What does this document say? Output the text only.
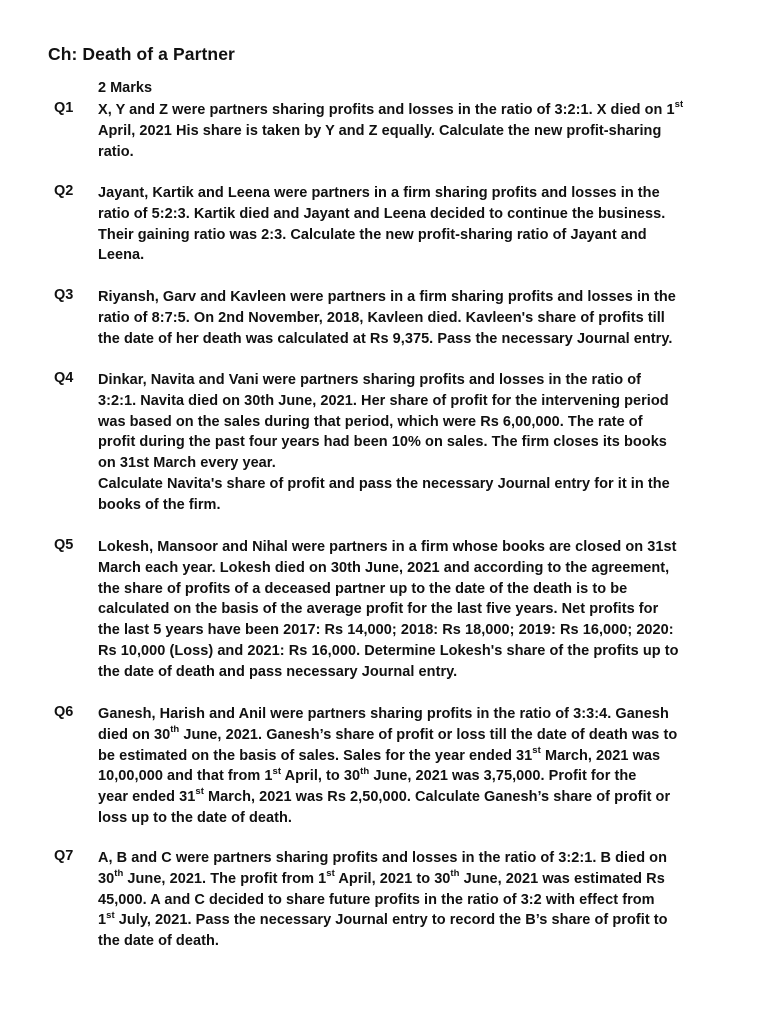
Ch: Death of a Partner
2 Marks
Q1 X, Y and Z were partners sharing profits and losses in the ratio of 3:2:1. X died on 1st
April, 2021 His share is taken by Y and Z equally. Calculate the new profit-sharing
ratio.
Q2 Jayant, Kartik and Leena were partners in a firm sharing profits and losses in the
ratio of 5:2:3. Kartik died and Jayant and Leena decided to continue the business.
Their gaining ratio was 2:3. Calculate the new profit-sharing ratio of Jayant and
Leena.
Q3 Riyansh, Garv and Kavleen were partners in a firm sharing profits and losses in the
ratio of 8:7:5. On 2nd November, 2018, Kavleen died. Kavleen's share of profits till
the date of her death was calculated at Rs 9,375. Pass the necessary Journal entry.
Q4 Dinkar, Navita and Vani were partners sharing profits and losses in the ratio of
3:2:1. Navita died on 30th June, 2021. Her share of profit for the intervening period
was based on the sales during that period, which were Rs 6,00,000. The rate of
profit during the past four years had been 10% on sales. The firm closes its books
on 31st March every year.
Calculate Navita's share of profit and pass the necessary Journal entry for it in the
books of the firm.
Q5 Lokesh, Mansoor and Nihal were partners in a firm whose books are closed on 31st
March each year. Lokesh died on 30th June, 2021 and according to the agreement,
the share of profits of a deceased partner up to the date of the death is to be
calculated on the basis of the average profit for the last five years. Net profits for
the last 5 years have been 2017: Rs 14,000; 2018: Rs 18,000; 2019: Rs 16,000; 2020:
Rs 10,000 (Loss) and 2021: Rs 16,000. Determine Lokesh's share of the profits up to
the date of death and pass necessary Journal entry.
Q6 Ganesh, Harish and Anil were partners sharing profits in the ratio of 3:3:4. Ganesh
died on 30th June, 2021. Ganesh’s share of profit or loss till the date of death was to
be estimated on the basis of sales. Sales for the year ended 31st March, 2021 was
10,00,000 and that from 1st April, to 30th June, 2021 was 3,75,000. Profit for the
year ended 31st March, 2021 was Rs 2,50,000. Calculate Ganesh’s share of profit or
loss up to the date of death.
Q7 A, B and C were partners sharing profits and losses in the ratio of 3:2:1. B died on
30th June, 2021. The profit from 1st April, 2021 to 30th June, 2021 was estimated Rs
45,000. A and C decided to share future profits in the ratio of 3:2 with effect from
1st July, 2021. Pass the necessary Journal entry to record the B’s share of profit to
the date of death.
